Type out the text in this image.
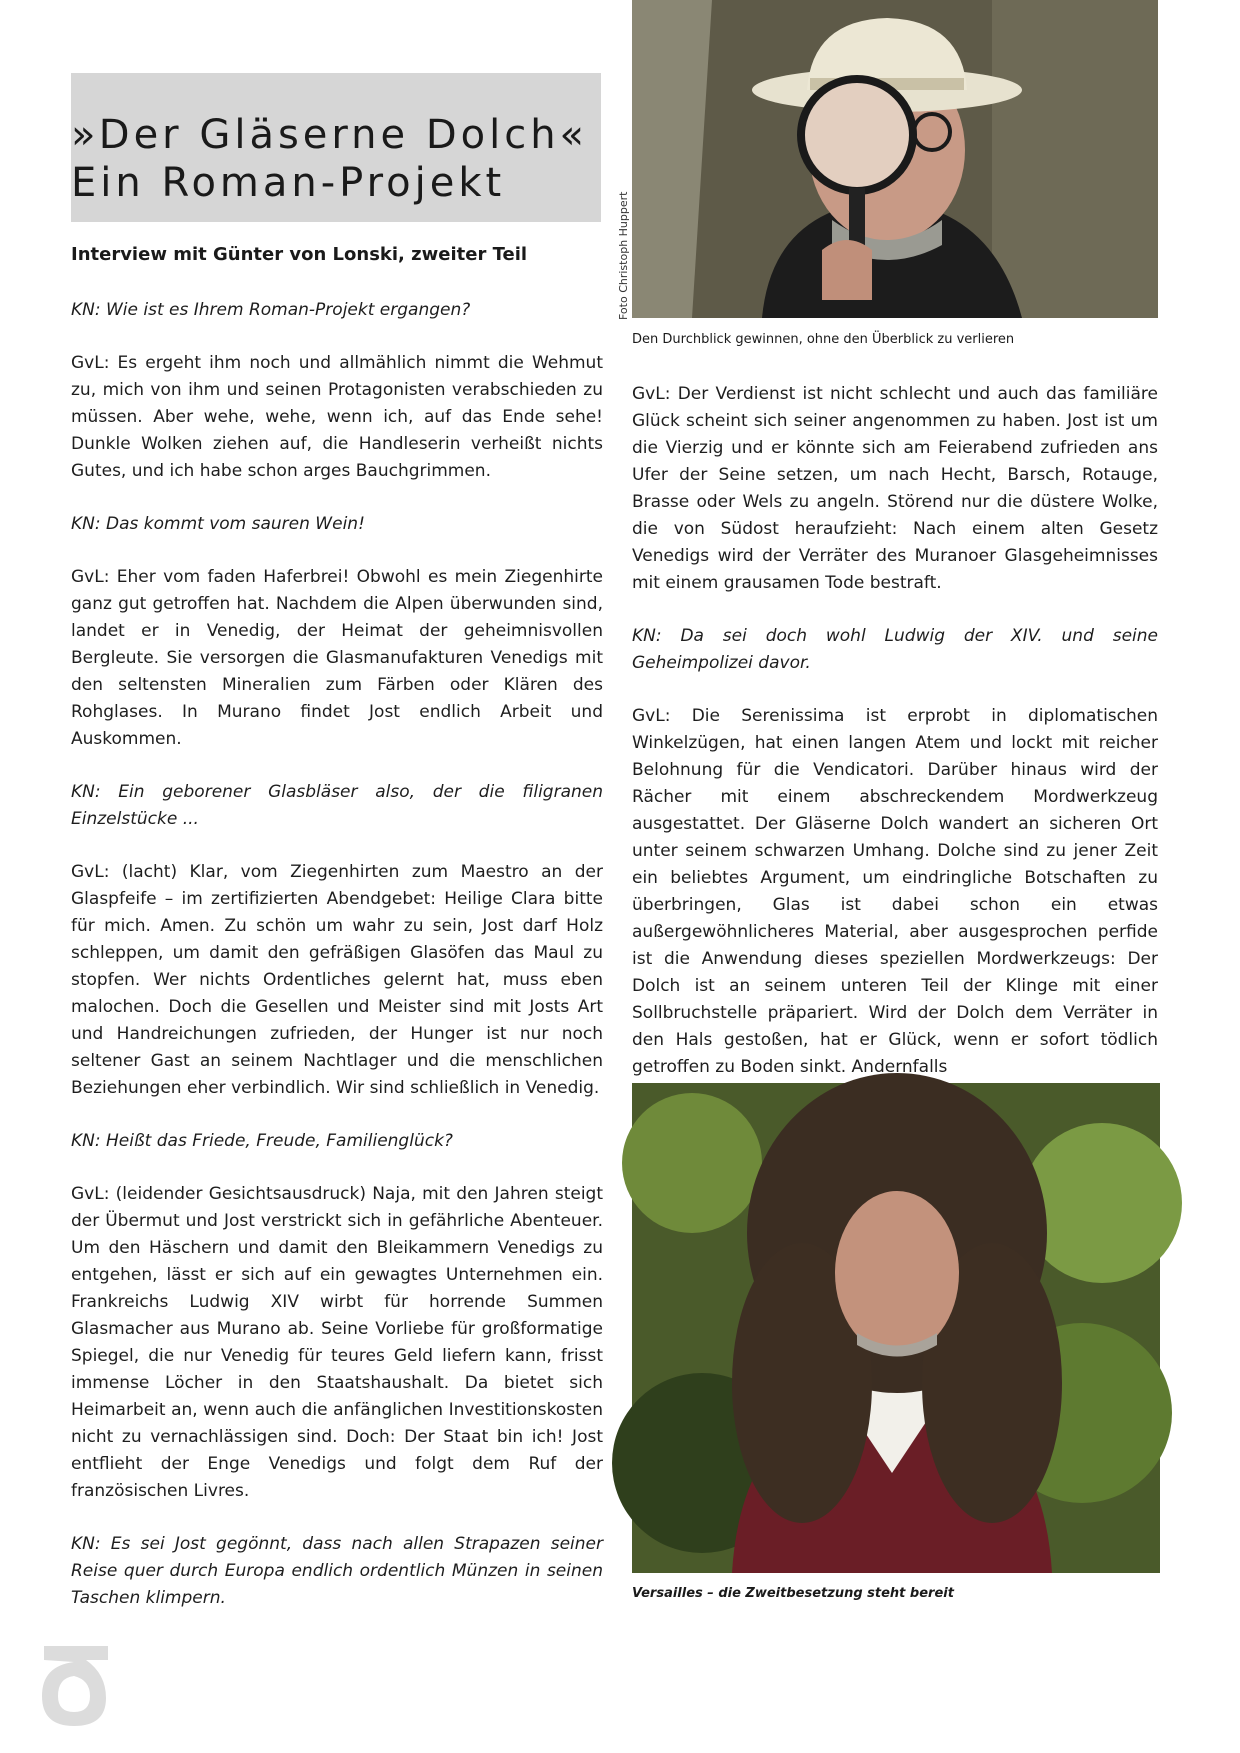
»Der Gläserne Dolch«
Ein Roman-Projekt
Interview mit Günter von Lonski, zweiter Teil

KN: Wie ist es Ihrem Roman-Projekt ergangen?

GvL: Es ergeht ihm noch und allmählich nimmt die Wehmut zu, mich von ihm und seinen Protagonisten verabschieden zu müssen. Aber wehe, wehe, wenn ich, auf das Ende sehe! Dunkle Wolken ziehen auf, die Handleserin verheißt nichts Gutes, und ich habe schon arges Bauchgrimmen.

KN: Das kommt vom sauren Wein!

GvL: Eher vom faden Haferbrei! Obwohl es mein Ziegenhirte ganz gut getroffen hat. Nachdem die Alpen überwunden sind, landet er in Venedig, der Heimat der geheimnisvollen Bergleute. Sie versorgen die Glasmanufakturen Venedigs mit den seltensten Mineralien zum Färben oder Klären des Rohglases. In Murano findet Jost endlich Arbeit und Auskommen.

KN: Ein geborener Glasbläser also, der die filigranen Einzelstücke ...

GvL: (lacht) Klar, vom Ziegenhirten zum Maestro an der Glaspfeife – im zertifizierten Abendgebet: Heilige Clara bitte für mich. Amen. Zu schön um wahr zu sein, Jost darf Holz schleppen, um damit den gefräßigen Glasöfen das Maul zu stopfen. Wer nichts Ordentliches gelernt hat, muss eben malochen. Doch die Gesellen und Meister sind mit Josts Art und Handreichungen zufrieden, der Hunger ist nur noch seltener Gast an seinem Nachtlager und die menschlichen Beziehungen eher verbindlich. Wir sind schließlich in Venedig.

KN: Heißt das Friede, Freude, Familienglück?

GvL: (leidender Gesichtsausdruck) Naja, mit den Jahren steigt der Übermut und Jost verstrickt sich in gefährliche Abenteuer. Um den Häschern und damit den Bleikammern Venedigs zu entgehen, lässt er sich auf ein gewagtes Unternehmen ein. Frankreichs Ludwig XIV wirbt für horrende Summen Glasmacher aus Murano ab. Seine Vorliebe für großformatige Spiegel, die nur Venedig für teures Geld liefern kann, frisst immense Löcher in den Staatshaushalt. Da bietet sich Heimarbeit an, wenn auch die anfänglichen Investitionskosten nicht zu vernachlässigen sind. Doch: Der Staat bin ich! Jost entflieht der Enge Venedigs und folgt dem Ruf der französischen Livres.

KN: Es sei Jost gegönnt, dass nach allen Strapazen seiner Reise quer durch Europa endlich ordentlich Münzen in seinen Taschen klimpern.

Foto Christoph Huppert
Den Durchblick gewinnen, ohne den Überblick zu verlieren

GvL: Der Verdienst ist nicht schlecht und auch das familiäre Glück scheint sich seiner angenommen zu haben. Jost ist um die Vierzig und er könnte sich am Feierabend zufrieden ans Ufer der Seine setzen, um nach Hecht, Barsch, Rotauge, Brasse oder Wels zu angeln. Störend nur die düstere Wolke, die von Südost heraufzieht: Nach einem alten Gesetz Venedigs wird der Verräter des Muranoer Glasgeheimnisses mit einem grausamen Tode bestraft.

KN: Da sei doch wohl Ludwig der XIV. und seine Geheimpolizei davor.

GvL: Die Serenissima ist erprobt in diplomatischen Winkelzügen, hat einen langen Atem und lockt mit reicher Belohnung für die Vendicatori. Darüber hinaus wird der Rächer mit einem abschreckendem Mordwerkzeug ausgestattet. Der Gläserne Dolch wandert an sicheren Ort unter seinem schwarzen Umhang. Dolche sind zu jener Zeit ein beliebtes Argument, um eindringliche Botschaften zu überbringen, Glas ist dabei schon ein etwas außergewöhnlicheres Material, aber ausgesprochen perfide ist die Anwendung dieses speziellen Mordwerkzeugs: Der Dolch ist an seinem unteren Teil der Klinge mit einer Sollbruchstelle präpariert. Wird der Dolch dem Verräter in den Hals gestoßen, hat er Glück, wenn er sofort tödlich getroffen zu Boden sinkt. Andernfalls

Versailles – die Zweitbesetzung steht bereit
